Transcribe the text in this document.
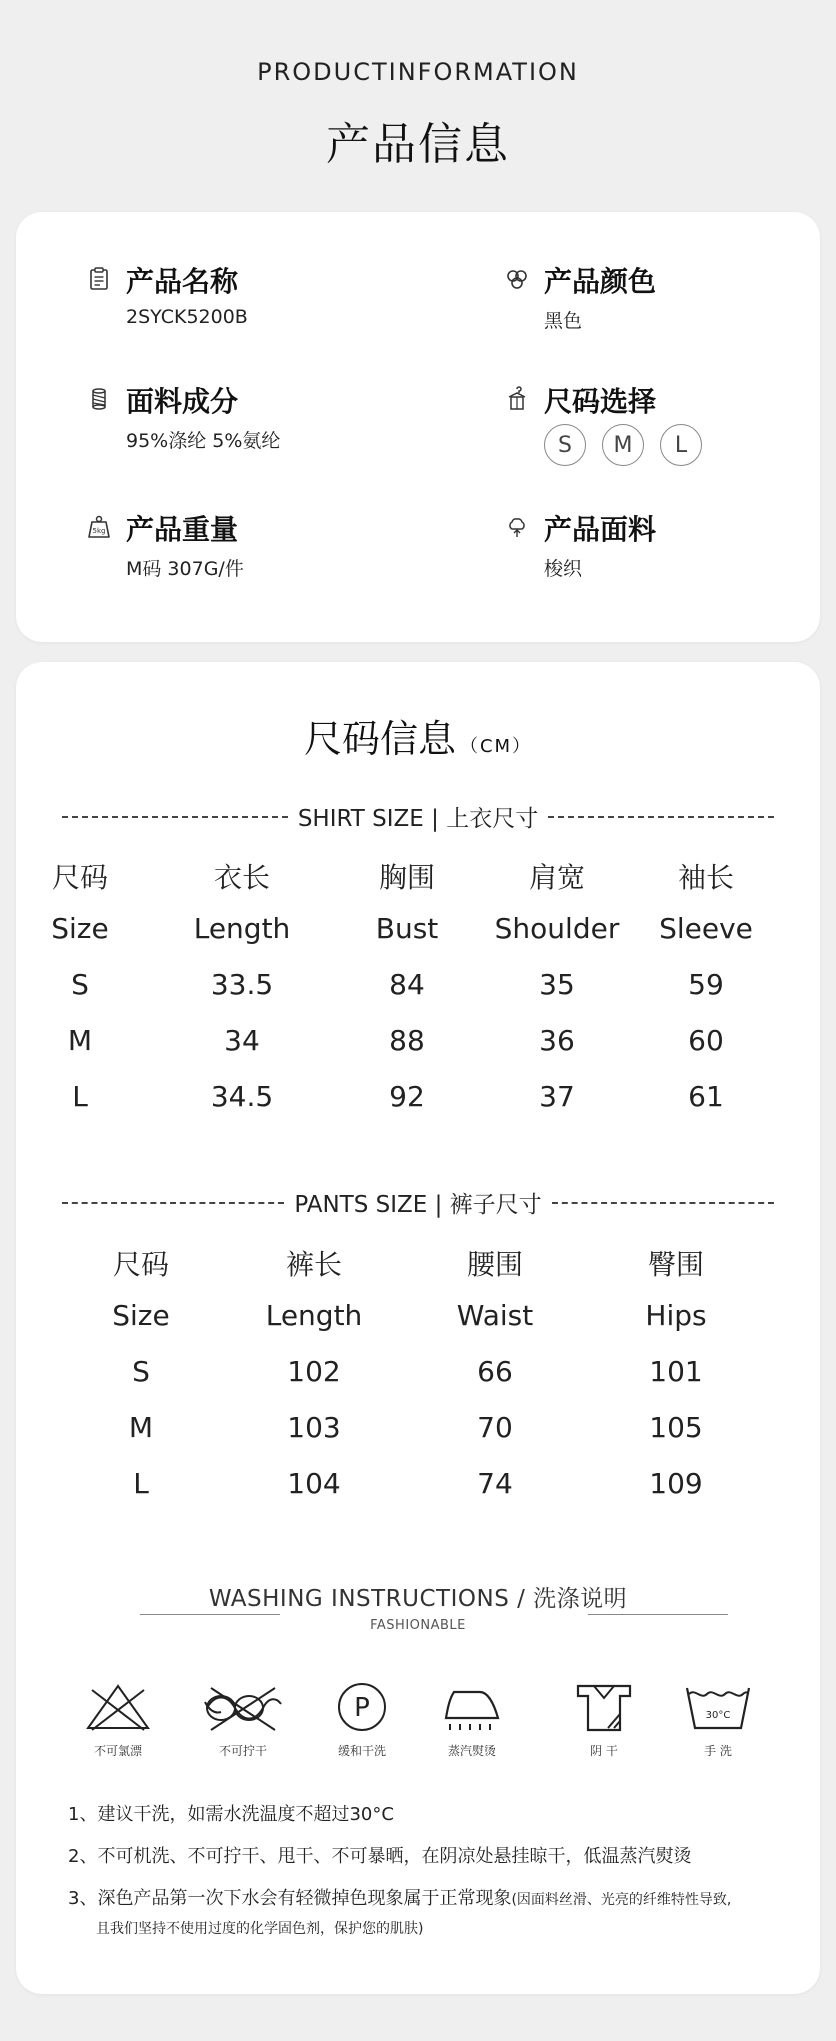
PRODUCTINFORMATION
产品信息
产品名称
2SYCK5200B
产品颜色
黑色
面料成分
95%涤纶 5%氨纶
尺码选择
S	M	L
5kg 产品重量
M码 307G/件
产品面料
梭织
尺码信息 （CM）
SHIRT SIZE | 上衣尺寸
尺码	衣长	胸围	肩宽	袖长
Size	Length	Bust Shoulder Sleeve
S	33.5	84	35	59
M	34	88	36	60
L	34.5	92	37	61
PANTS SIZE | 裤子尺寸
尺码	裤长	腰围	臀围
Size	Length	Waist	Hips
S	102	66	101
M	103	70	105
L	104	74	109
WASHING INSTRUCTIONS / 洗涤说明
FASHIONABLE
不可氯漂	不可拧干
P
缓和干洗	蒸汽熨烫	阴 干
30°C
手 洗
1、建议干洗，如需水洗温度不超过30°C
2、不可机洗、不可拧干、甩干、不可暴晒，在阴凉处悬挂晾干，低温蒸汽熨烫
3、深色产品第一次下水会有轻微掉色现象属于正常现象(因面料丝滑、光亮的纤维特性导致,
且我们坚持不使用过度的化学固色剂，保护您的肌肤)
